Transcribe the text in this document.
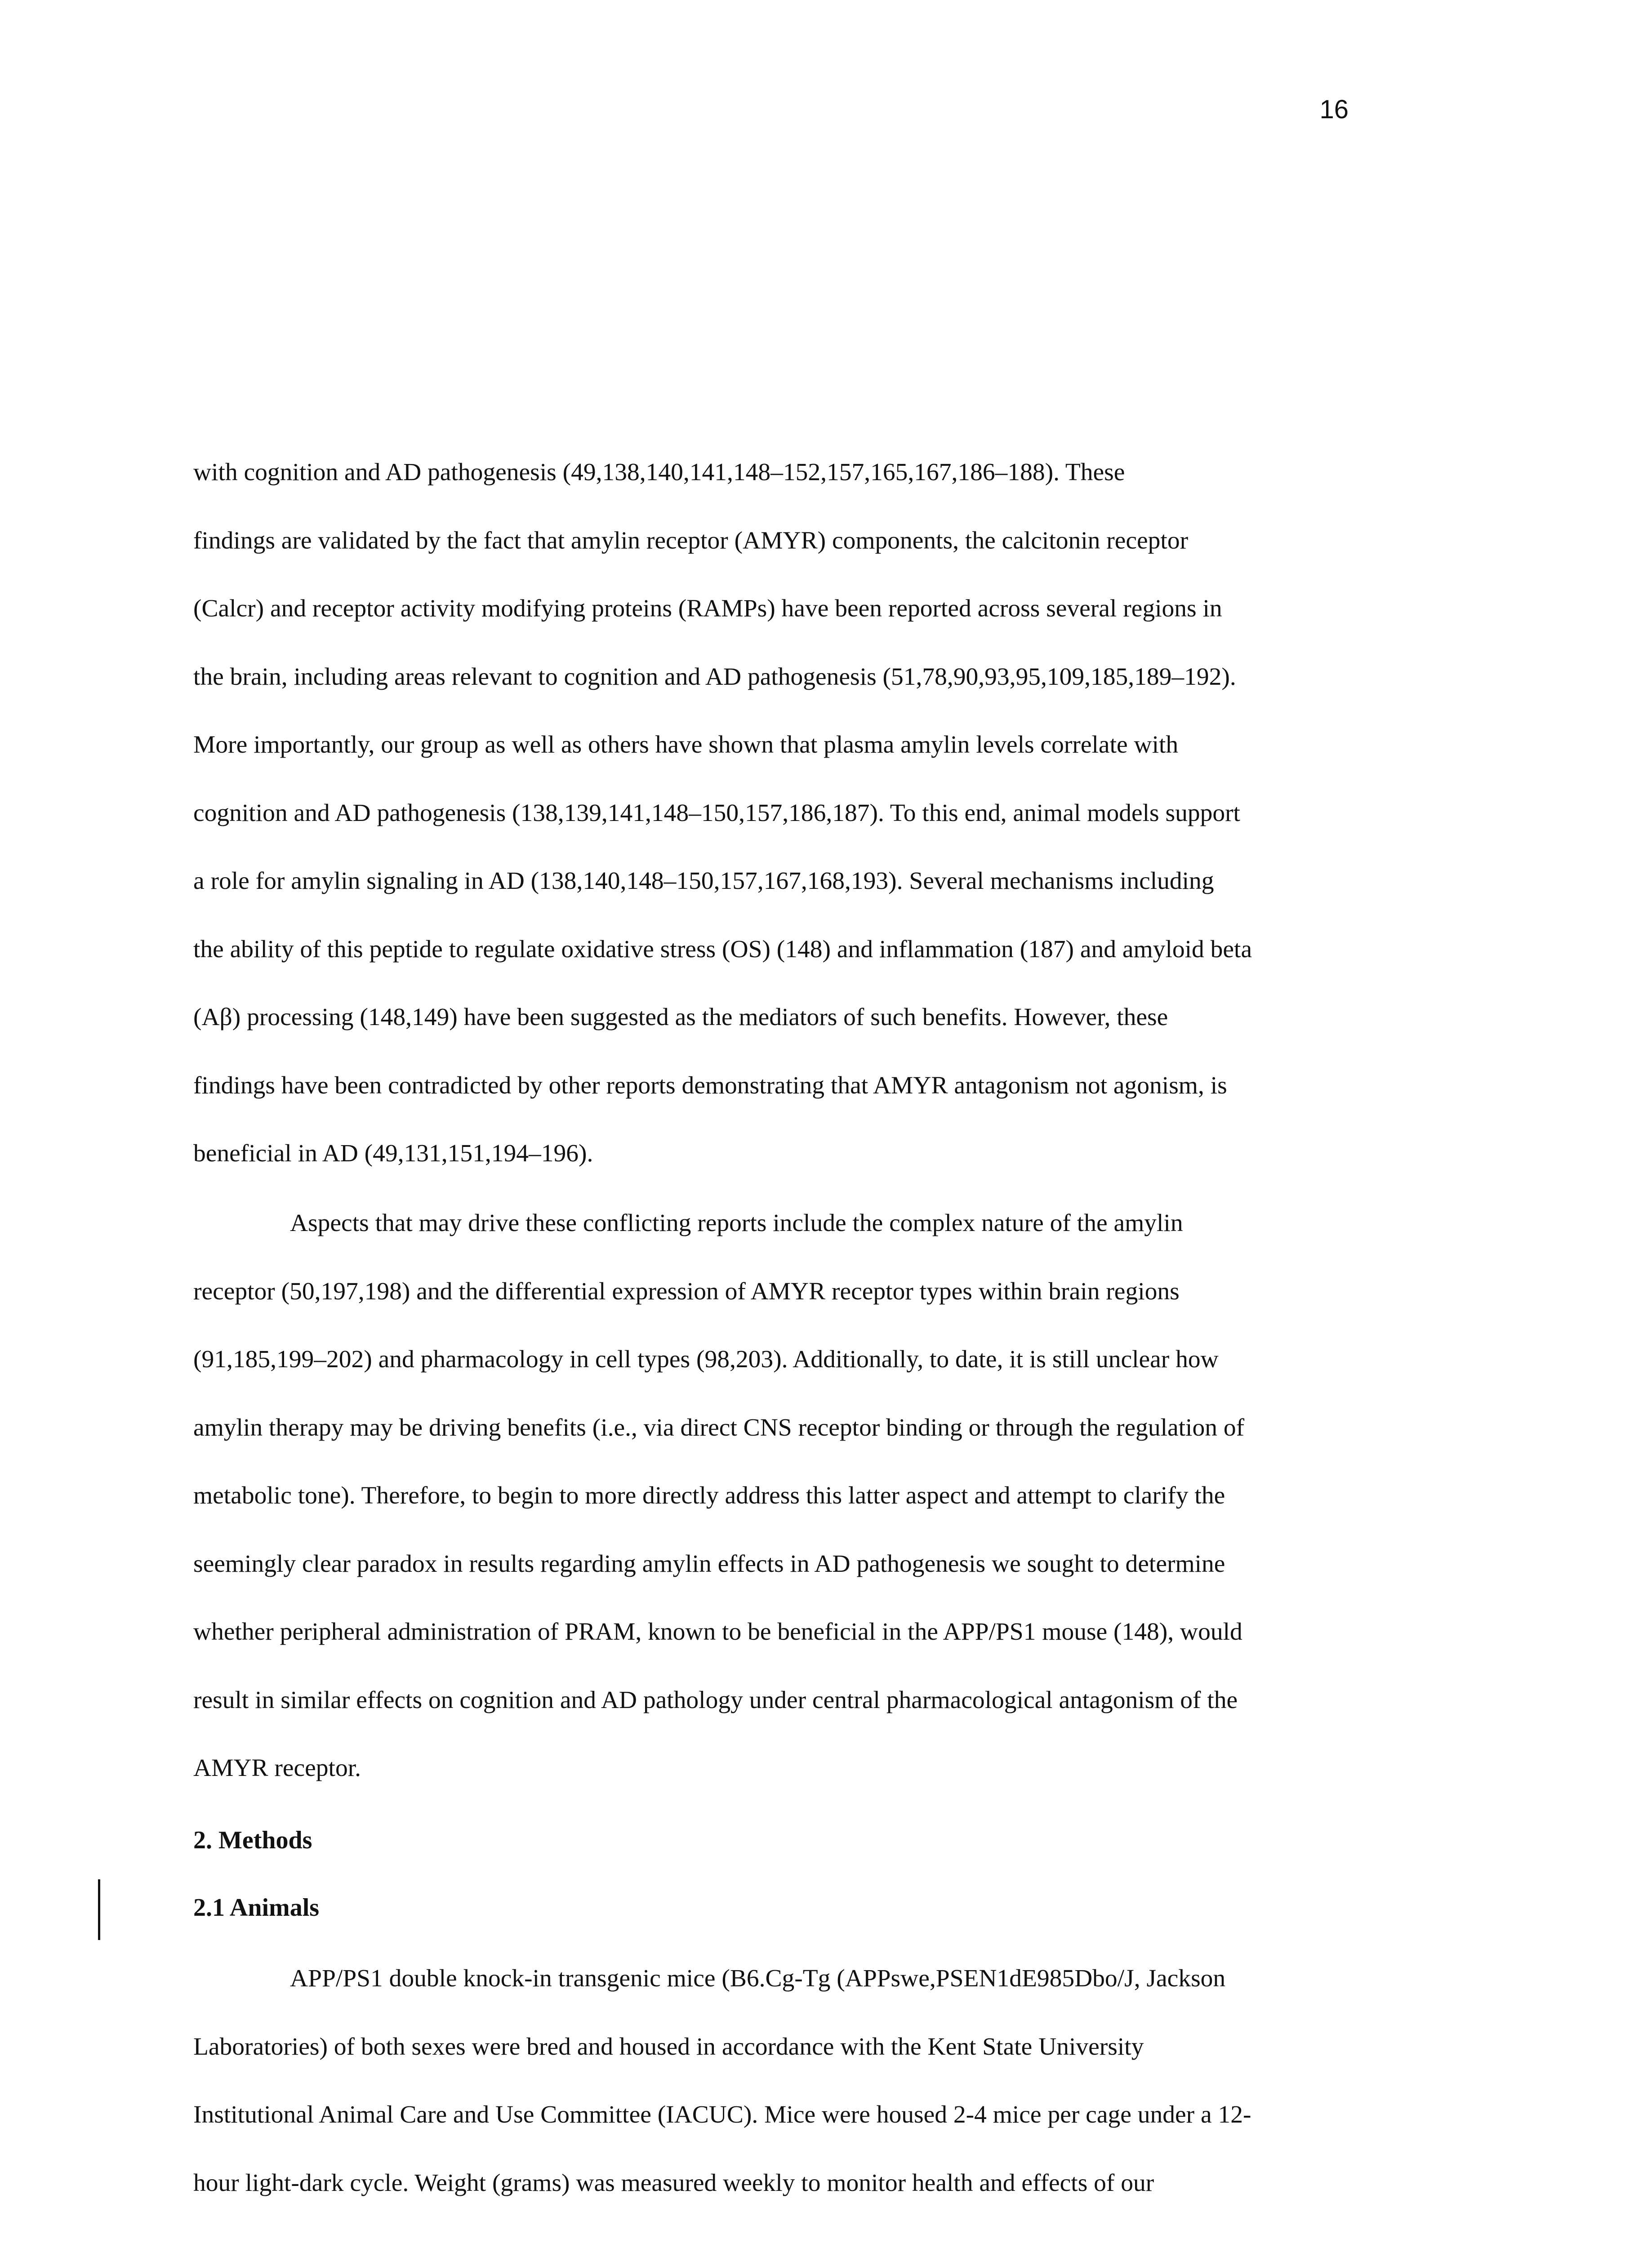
16

with cognition and AD pathogenesis (49,138,140,141,148–152,157,165,167,186–188). These

findings are validated by the fact that amylin receptor (AMYR) components, the calcitonin receptor

(Calcr) and receptor activity modifying proteins (RAMPs) have been reported across several regions in

the brain, including areas relevant to cognition and AD pathogenesis (51,78,90,93,95,109,185,189–192).

More importantly, our group as well as others have shown that plasma amylin levels correlate with

cognition and AD pathogenesis (138,139,141,148–150,157,186,187). To this end, animal models support

a role for amylin signaling in AD (138,140,148–150,157,167,168,193). Several mechanisms including

the ability of this peptide to regulate oxidative stress (OS) (148) and inflammation (187) and amyloid beta

(Aβ) processing (148,149) have been suggested as the mediators of such benefits. However, these

findings have been contradicted by other reports demonstrating that AMYR antagonism not agonism, is

beneficial in AD (49,131,151,194–196).

Aspects that may drive these conflicting reports include the complex nature of the amylin

receptor (50,197,198) and the differential expression of AMYR receptor types within brain regions

(91,185,199–202) and pharmacology in cell types (98,203). Additionally, to date, it is still unclear how

amylin therapy may be driving benefits (i.e., via direct CNS receptor binding or through the regulation of

metabolic tone). Therefore, to begin to more directly address this latter aspect and attempt to clarify the

seemingly clear paradox in results regarding amylin effects in AD pathogenesis we sought to determine

whether peripheral administration of PRAM, known to be beneficial in the APP/PS1 mouse (148), would

result in similar effects on cognition and AD pathology under central pharmacological antagonism of the

AMYR receptor.

2. Methods
2.1 Animals

APP/PS1 double knock-in transgenic mice (B6.Cg-Tg (APPswe,PSEN1dE985Dbo/J, Jackson

Laboratories) of both sexes were bred and housed in accordance with the Kent State University

Institutional Animal Care and Use Committee (IACUC). Mice were housed 2-4 mice per cage under a 12-

hour light-dark cycle. Weight (grams) was measured weekly to monitor health and effects of our
